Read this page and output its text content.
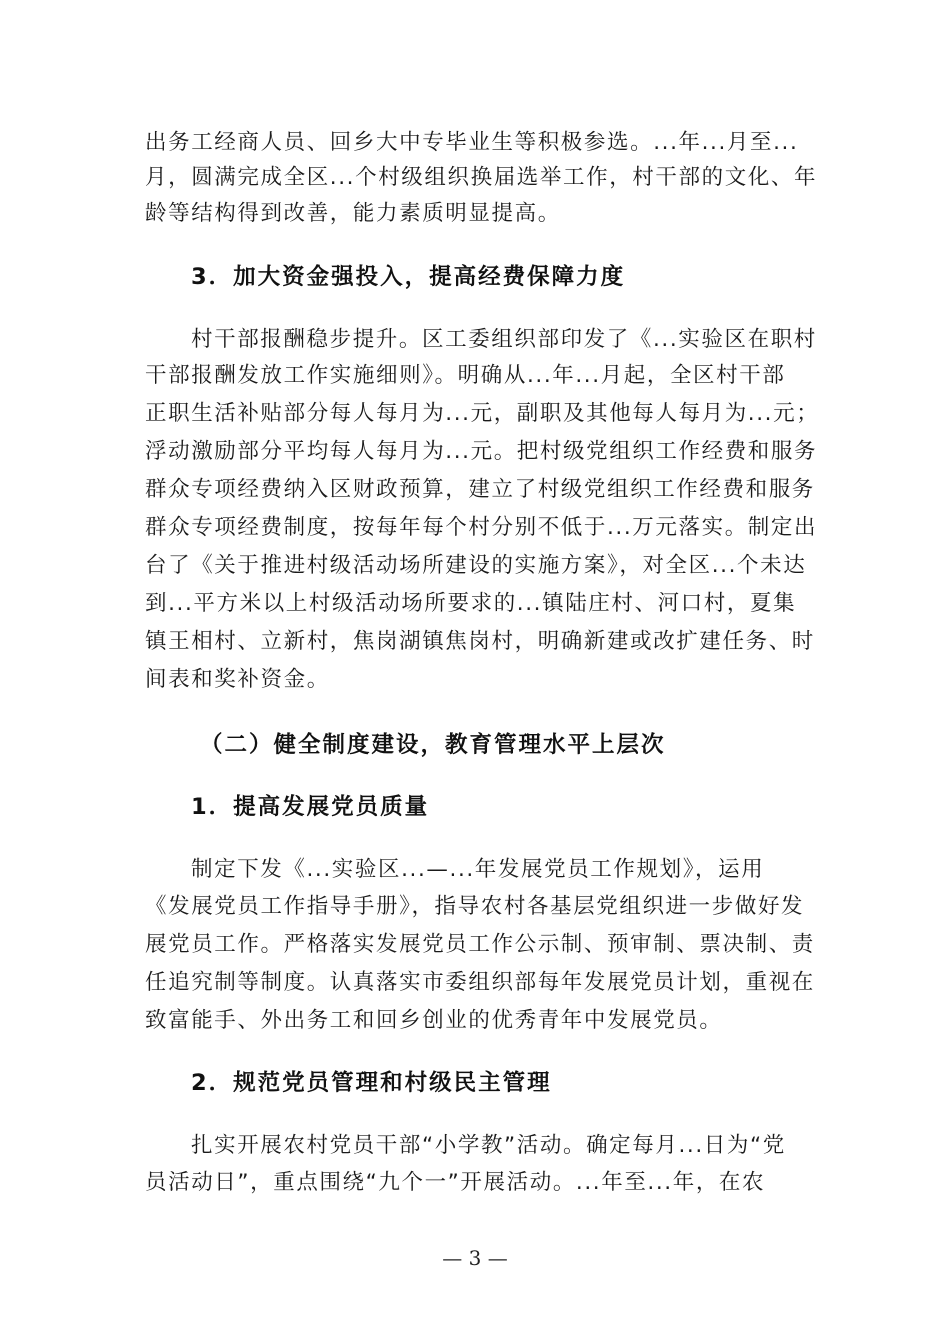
出务工经商人员、回乡大中专毕业生等积极参选。...年...月至...
月，圆满完成全区...个村级组织换届选举工作，村干部的文化、年
龄等结构得到改善，能力素质明显提高。
3．加大资金强投入，提高经费保障力度
村干部报酬稳步提升。区工委组织部印发了《...实验区在职村
干部报酬发放工作实施细则》。明确从...年...月起，全区村干部
正职生活补贴部分每人每月为...元，副职及其他每人每月为...元；
浮动激励部分平均每人每月为...元。把村级党组织工作经费和服务
群众专项经费纳入区财政预算，建立了村级党组织工作经费和服务
群众专项经费制度，按每年每个村分别不低于...万元落实。制定出
台了《关于推进村级活动场所建设的实施方案》，对全区...个未达
到...平方米以上村级活动场所要求的...镇陆庄村、河口村，夏集
镇王相村、立新村，焦岗湖镇焦岗村，明确新建或改扩建任务、时
间表和奖补资金。
（二）健全制度建设，教育管理水平上层次
1．提高发展党员质量
制定下发《...实验区...—...年发展党员工作规划》，运用
《发展党员工作指导手册》，指导农村各基层党组织进一步做好发
展党员工作。严格落实发展党员工作公示制、预审制、票决制、责
任追究制等制度。认真落实市委组织部每年发展党员计划，重视在
致富能手、外出务工和回乡创业的优秀青年中发展党员。
2．规范党员管理和村级民主管理
扎实开展农村党员干部“小学教”活动。确定每月...日为“党
员活动日”，重点围绕“九个一”开展活动。...年至...年，在农
— 3 —
